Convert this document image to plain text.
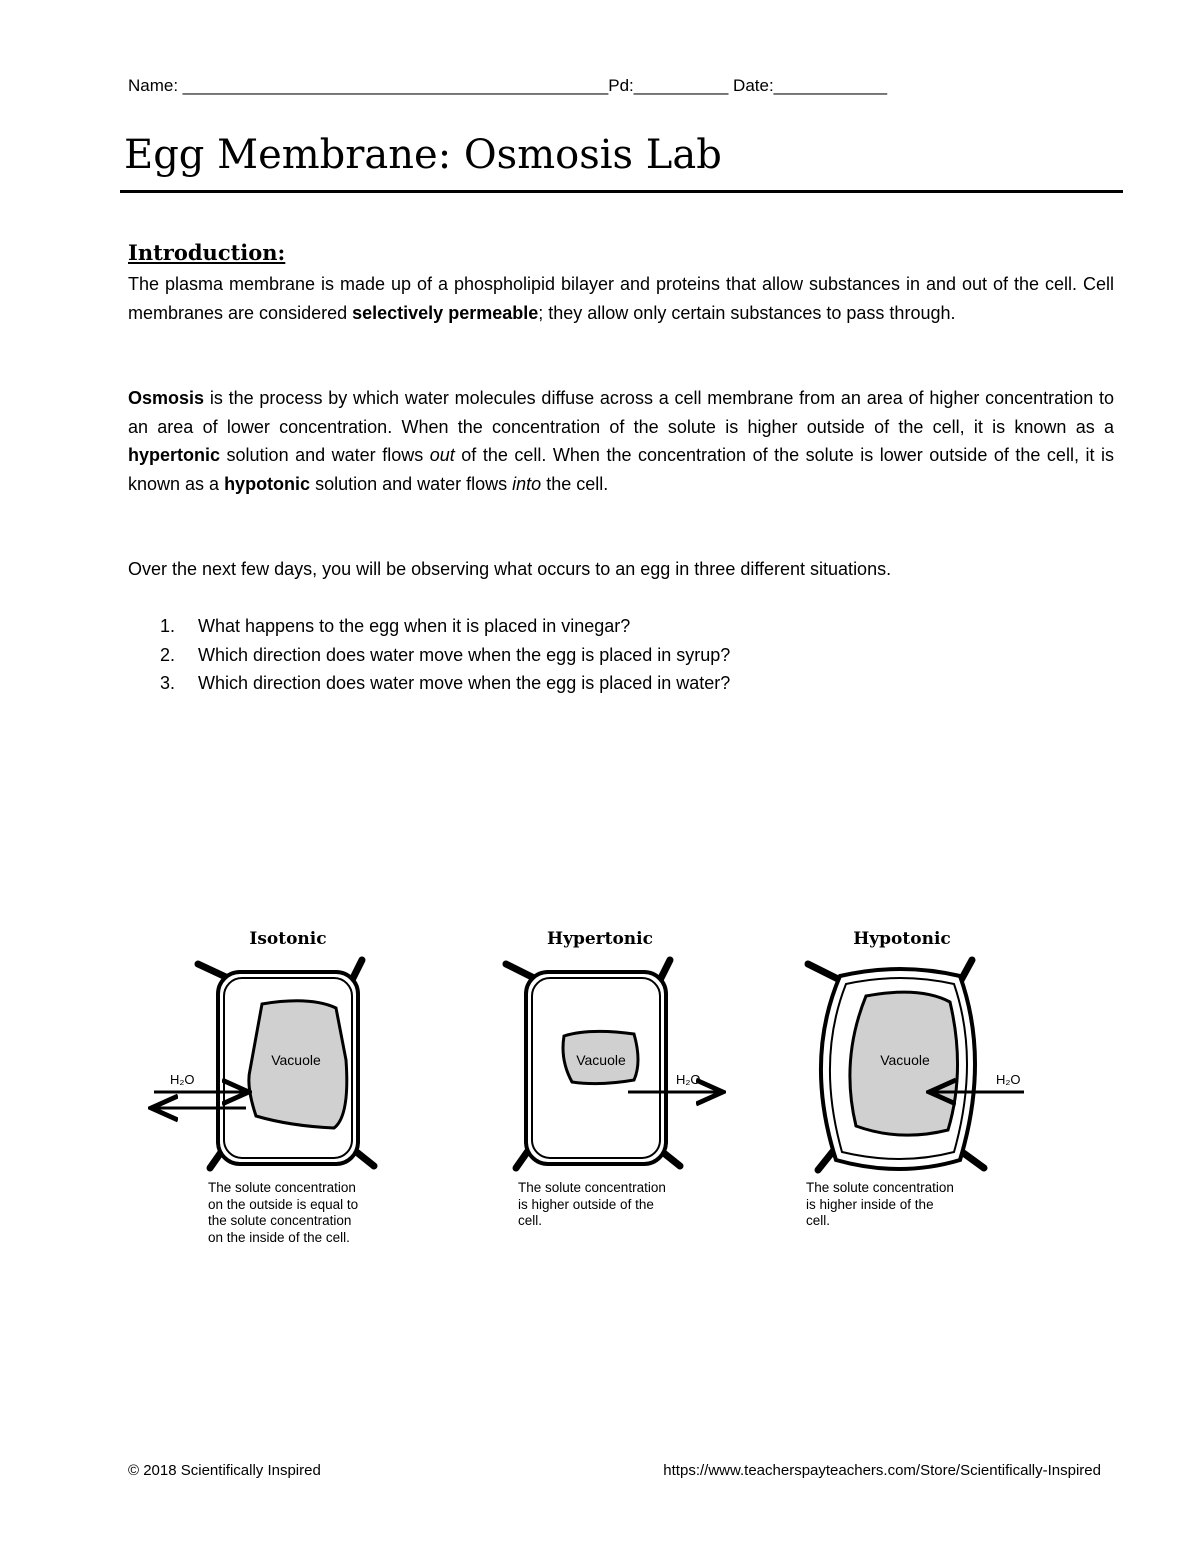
Name: _____________________________________________Pd:__________ Date:____________
Egg Membrane: Osmosis Lab
Introduction:

The plasma membrane is made up of a phospholipid bilayer and proteins that allow substances in and out of the cell. Cell membranes are considered selectively permeable; they allow only certain substances to pass through.

Osmosis is the process by which water molecules diffuse across a cell membrane from an area of higher concentration to an area of lower concentration. When the concentration of the solute is higher outside of the cell, it is known as a hypertonic solution and water flows out of the cell. When the concentration of the solute is lower outside of the cell, it is known as a hypotonic solution and water flows into the cell.

Over the next few days, you will be observing what occurs to an egg in three different situations.

1.	What happens to the egg when it is placed in vinegar?
2.	Which direction does water move when the egg is placed in syrup?
3.	Which direction does water move when the egg is placed in water?
Isotonic
Vacuole
H₂O
The solute concentration on the outside is equal to the solute concentration on the inside of the cell.
Hypertonic
Vacuole
H₂O
The solute concentration is higher outside of the cell.
Hypotonic
Vacuole
H₂O
The solute concentration is higher inside of the cell.
© 2018 Scientifically Inspired	https://www.teacherspayteachers.com/Store/Scientifically-Inspired
